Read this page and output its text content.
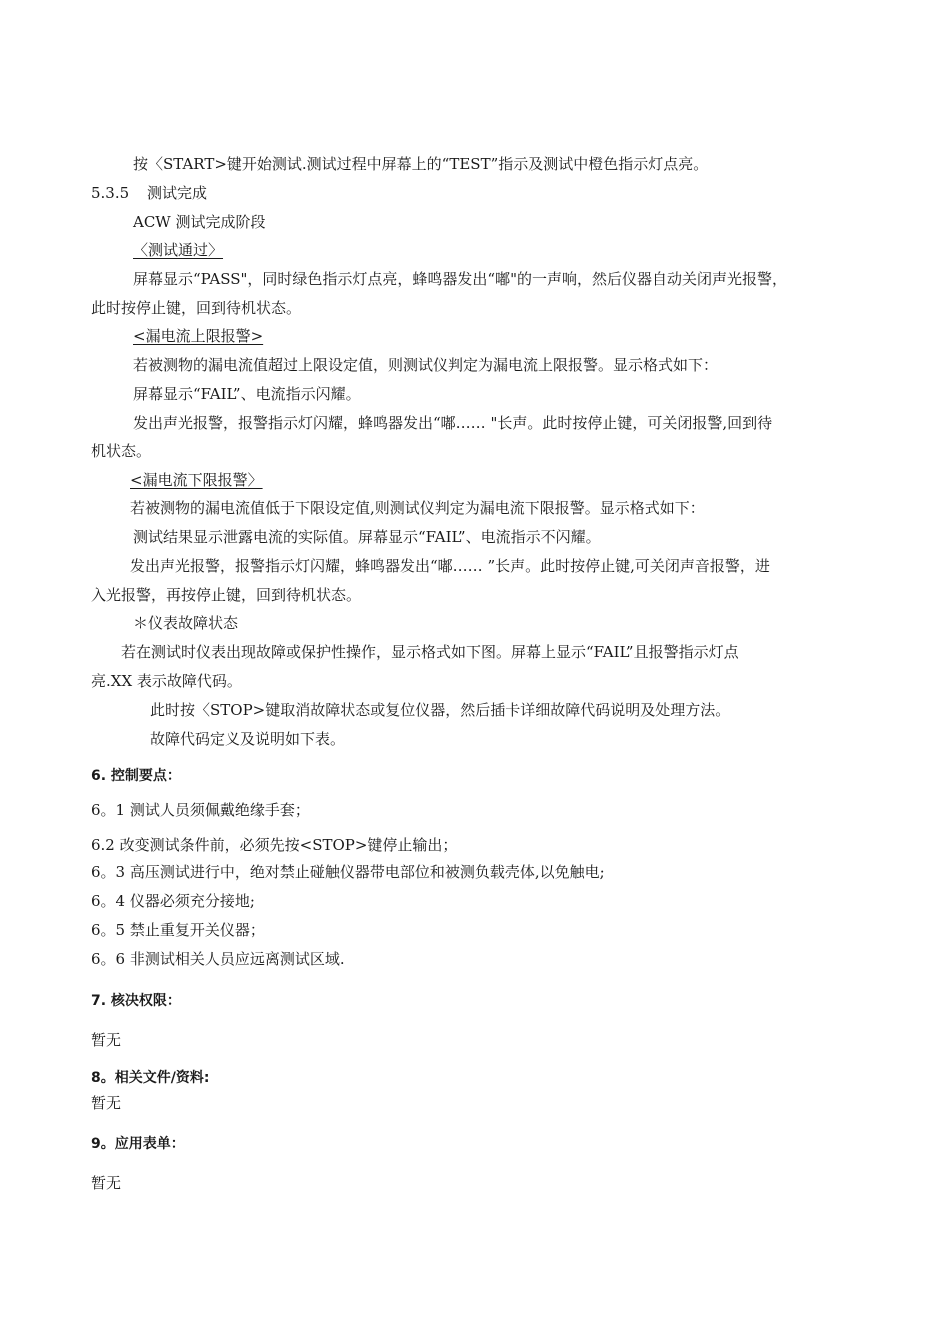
按〈START>键开始测试.测试过程中屏幕上的“TEST”指示及测试中橙色指示灯点亮。
5.3.5 测试完成
ACW 测试完成阶段
〈测试通过〉
屏幕显示“PASS"，同时绿色指示灯点亮，蜂鸣器发出“嘟"的一声响，然后仪器自动关闭声光报警，
此时按停止键，回到待机状态。
<漏电流上限报警>
若被测物的漏电流值超过上限设定值，则测试仪判定为漏电流上限报警。显示格式如下：
屏幕显示“FAIL”、电流指示闪耀。
发出声光报警，报警指示灯闪耀，蜂鸣器发出“嘟…… "长声。此时按停止键，可关闭报警,回到待
机状态。
<漏电流下限报警〉
若被测物的漏电流值低于下限设定值,则测试仪判定为漏电流下限报警。显示格式如下：
测试结果显示泄露电流的实际值。屏幕显示“FAIL”、电流指示不闪耀。
发出声光报警，报警指示灯闪耀，蜂鸣器发出“嘟…… ”长声。此时按停止键,可关闭声音报警，进
入光报警，再按停止键，回到待机状态。
＊仪表故障状态
若在测试时仪表出现故障或保护性操作，显示格式如下图。屏幕上显示“FAIL”且报警指示灯点
亮.XX 表示故障代码。
此时按〈STOP>键取消故障状态或复位仪器，然后插卡详细故障代码说明及处理方法。
故障代码定义及说明如下表。
6. 控制要点：
6。1 测试人员须佩戴绝缘手套；
6.2 改变测试条件前，必须先按<STOP>键停止输出；
6。3 高压测试进行中，绝对禁止碰触仪器带电部位和被测负载壳体,以免触电;
6。4 仪器必须充分接地;
6。5 禁止重复开关仪器；
6。6 非测试相关人员应远离测试区域.
7. 核决权限：
暂无
8。相关文件/资料:
暂无
9。应用表单：
暂无
